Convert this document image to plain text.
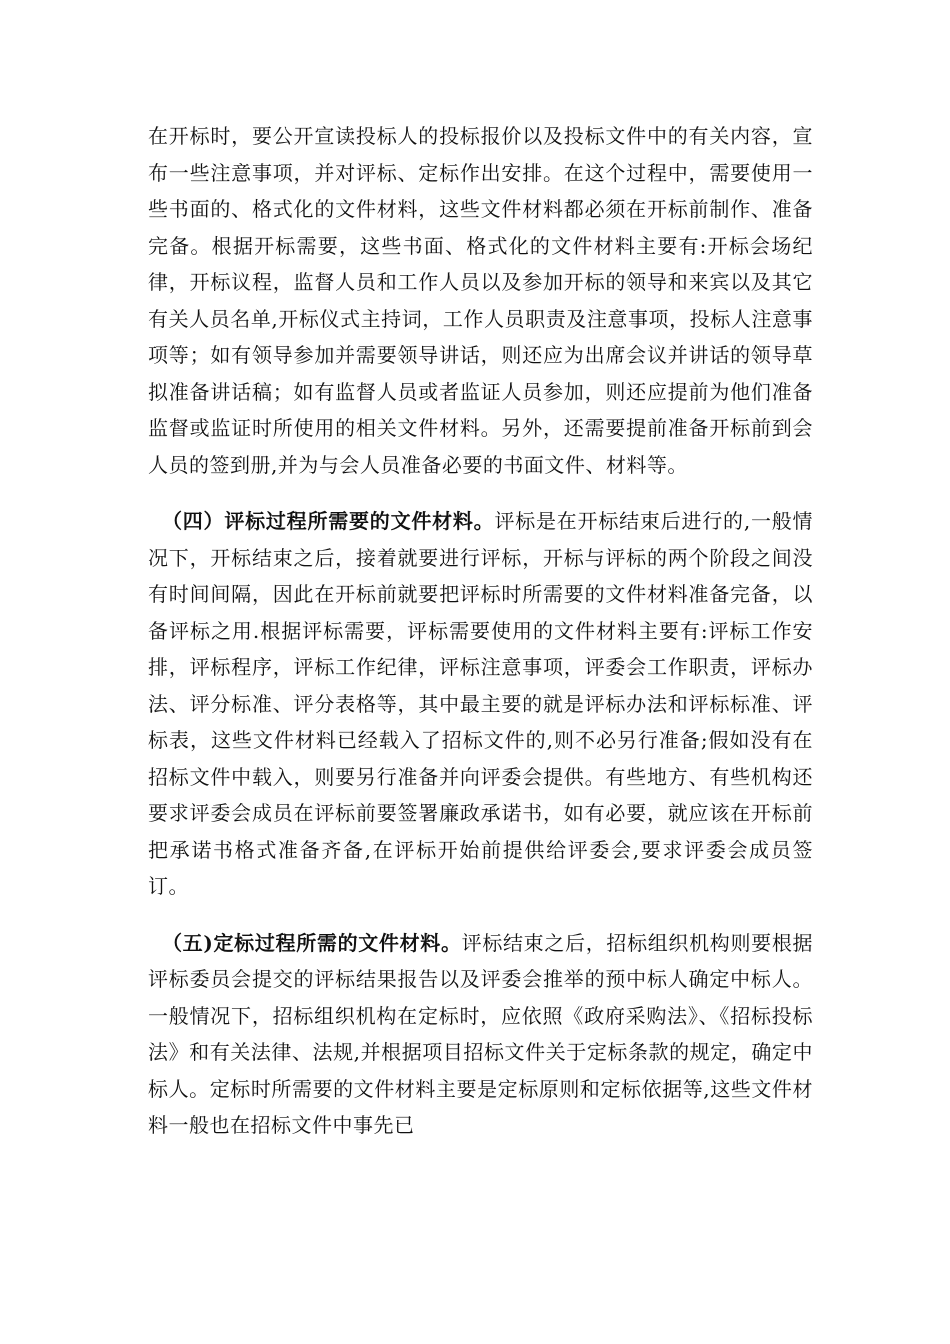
在开标时，要公开宣读投标人的投标报价以及投标文件中的有关内容，宣布一些注意事项，并对评标、定标作出安排。在这个过程中，需要使用一些书面的、格式化的文件材料，这些文件材料都必须在开标前制作、准备完备。根据开标需要，这些书面、格式化的文件材料主要有:开标会场纪律，开标议程，监督人员和工作人员以及参加开标的领导和来宾以及其它有关人员名单,开标仪式主持词，工作人员职责及注意事项，投标人注意事项等；如有领导参加并需要领导讲话，则还应为出席会议并讲话的领导草拟准备讲话稿；如有监督人员或者监证人员参加，则还应提前为他们准备监督或监证时所使用的相关文件材料。另外，还需要提前准备开标前到会人员的签到册,并为与会人员准备必要的书面文件、材料等。

（四）评标过程所需要的文件材料。评标是在开标结束后进行的,一般情况下，开标结束之后，接着就要进行评标，开标与评标的两个阶段之间没有时间间隔，因此在开标前就要把评标时所需要的文件材料准备完备，以备评标之用.根据评标需要，评标需要使用的文件材料主要有:评标工作安排，评标程序，评标工作纪律，评标注意事项，评委会工作职责，评标办法、评分标准、评分表格等，其中最主要的就是评标办法和评标标准、评标表，这些文件材料已经载入了招标文件的,则不必另行准备;假如没有在招标文件中载入，则要另行准备并向评委会提供。有些地方、有些机构还要求评委会成员在评标前要签署廉政承诺书，如有必要，就应该在开标前把承诺书格式准备齐备,在评标开始前提供给评委会,要求评委会成员签订。

（五)定标过程所需的文件材料。评标结束之后，招标组织机构则要根据评标委员会提交的评标结果报告以及评委会推举的预中标人确定中标人。一般情况下，招标组织机构在定标时，应依照《政府采购法》、《招标投标法》和有关法律、法规,并根据项目招标文件关于定标条款的规定，确定中标人。定标时所需要的文件材料主要是定标原则和定标依据等,这些文件材料一般也在招标文件中事先已
